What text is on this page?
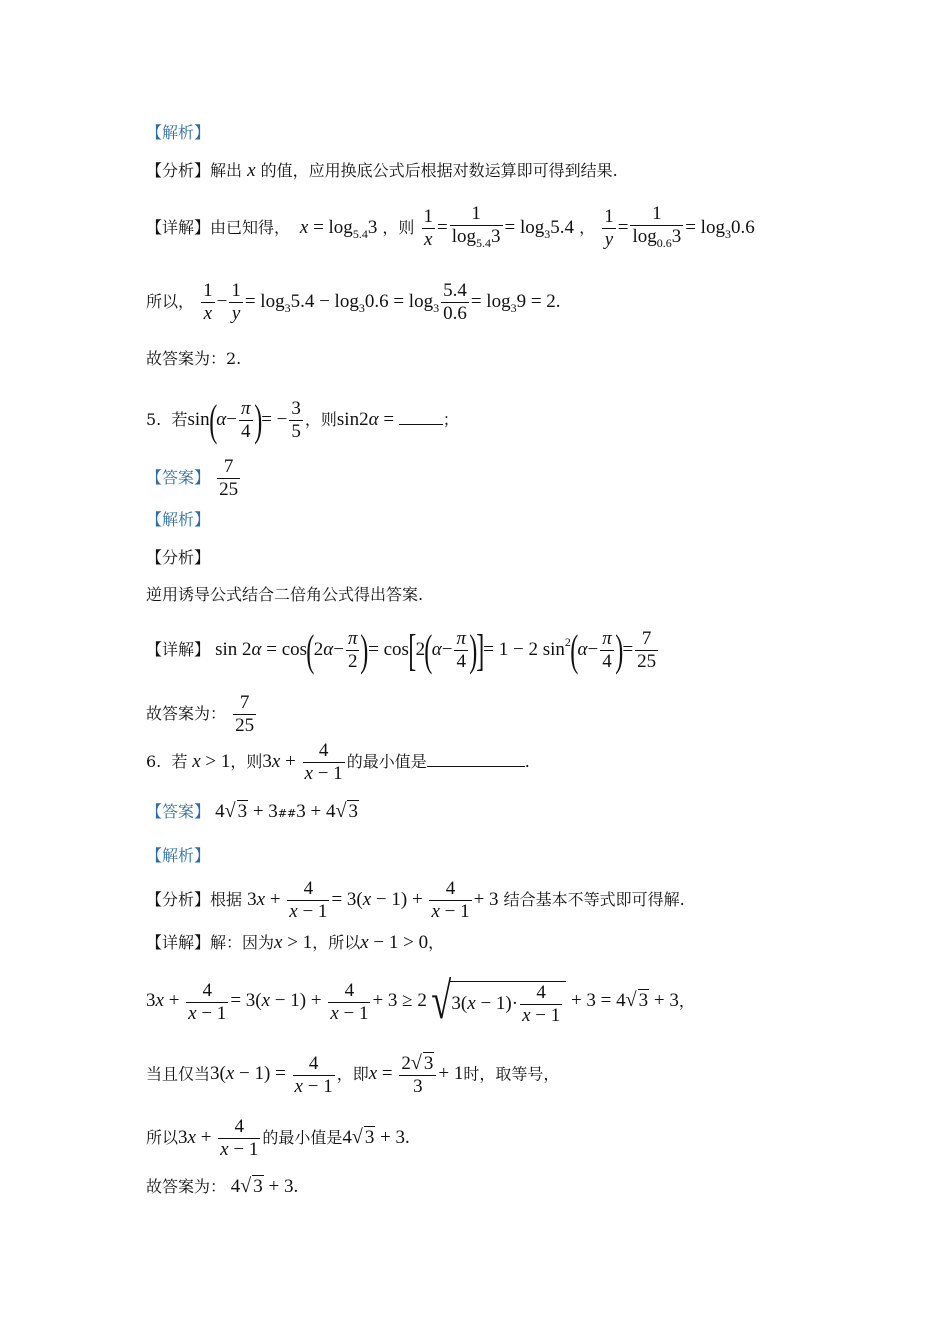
【解析】
【分析】解出 x 的值，应用换底公式后根据对数运算即可得到结果.
【详解】由已知得， $x = \log_{5.4}3$ ，则 $\frac{1}{x} = \frac{1}{\log_{5.4}3} = \log_35.4$ ， $\frac{1}{y} = \frac{1}{\log_{0.6}3} = \log_30.6$
所以， $\frac{1}{x} - \frac{1}{y} = \log_35.4 - \log_30.6 = \log_3 \frac{5.4}{0.6} = \log_39 = 2$.
故答案为：2.
5. 若$\sin(\alpha- \frac{\pi}{4}$ )= − $\frac{3}{5}$ ，则sin2α =	；
【答案】 $\frac{7}{25}$
【解析】
【分析】
逆用诱导公式结合二倍角公式得出答案.
【详解】 $\sin 2\alpha = \cos(2\alpha- \frac{\pi}{2}$ )= $\cos[2(\alpha- \frac{\pi}{4}$ )]= 1 − 2 $\sin^2(\alpha- \frac{\pi}{4}$ )= $\frac{7}{25}$
故答案为： $\frac{7}{25}$
6. 若 x > 1，则$3x + \frac{4}{x - 1}$ 的最小值是	.
【答案】 4√ 3 + 3##3 + 4√ 3
【解析】
【分析】根据 $3x + \frac{4}{x - 1} = 3(x - 1) + \frac{4}{x - 1} + 3$ 结合基本不等式即可得解.
【详解】解：因为x > 1，所以x − 1 > 0，
$3x + \frac{4}{x - 1} = 3(x - 1) + \frac{4}{x - 1} + 3 \ge 2√3(x - 1)\cdot \frac{4}{x - 1} + 3 = 4√$ 3 + 3，
当且仅当$3(x - 1) = \frac{4}{x - 1}$ ，即$x = \frac{2√ 3}{3} + 1$时，取等号，
所以$3x + \frac{4}{x - 1}$ 的最小值是4√ 3 + 3.
故答案为： 4√ 3 + 3.
